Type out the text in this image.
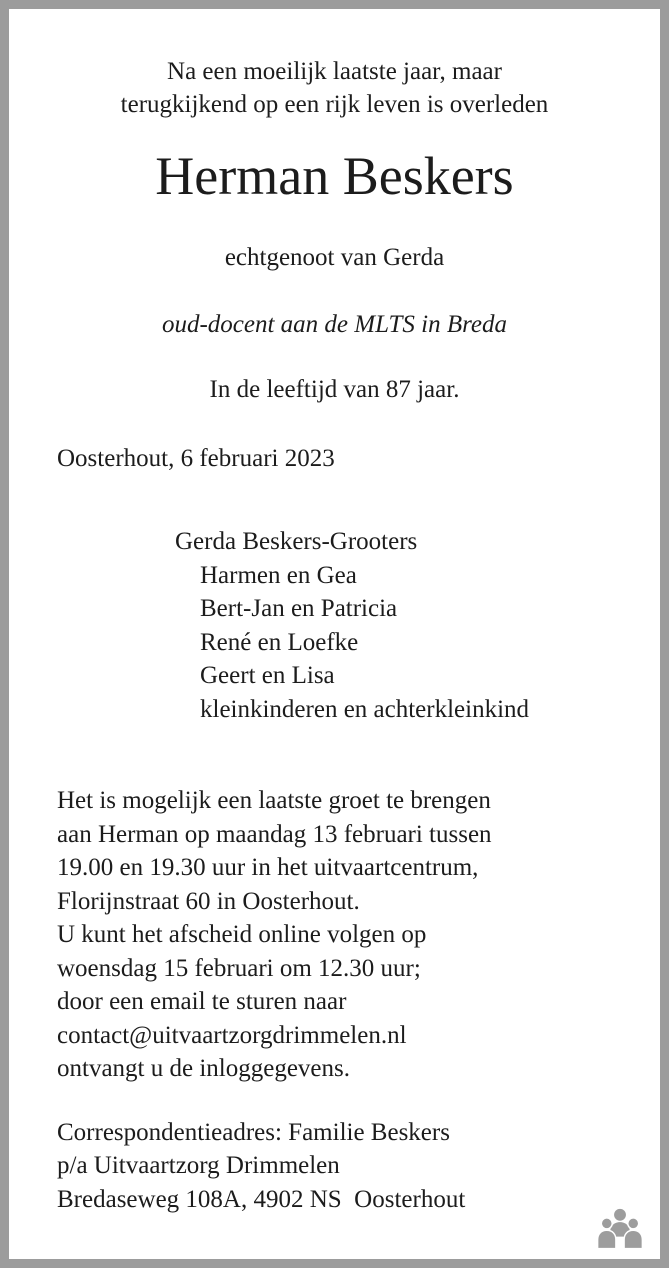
Na een moeilijk laatste jaar, maar
terugkijkend op een rijk leven is overleden
Herman Beskers
echtgenoot van Gerda
oud-docent aan de MLTS in Breda
In de leeftijd van 87 jaar.
Oosterhout, 6 februari 2023
Gerda Beskers-Grooters
Harmen en Gea
Bert-Jan en Patricia
René en Loefke
Geert en Lisa
kleinkinderen en achterkleinkind
Het is mogelijk een laatste groet te brengen
aan Herman op maandag 13 februari tussen
19.00 en 19.30 uur in het uitvaartcentrum,
Florijnstraat 60 in Oosterhout.
U kunt het afscheid online volgen op
woensdag 15 februari om 12.30 uur;
door een email te sturen naar
contact@uitvaartzorgdrimmelen.nl
ontvangt u de inloggegevens.
Correspondentieadres: Familie Beskers
p/a Uitvaartzorg Drimmelen
Bredaseweg 108A, 4902 NS  Oosterhout
